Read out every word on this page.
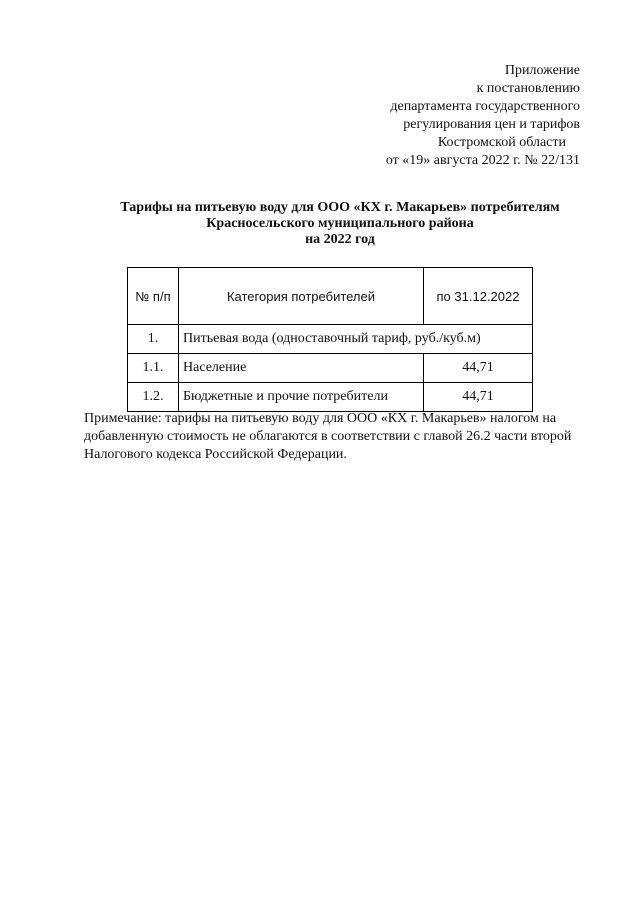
Приложение
к постановлению
департамента государственного
регулирования цен и тарифов
Костромской области
от «19» августа 2022 г. № 22/131
Тарифы на питьевую воду для ООО «КХ г. Макарьев» потребителям
Красносельского муниципального района
на 2022 год
№ п/п	Категория потребителей	по 31.12.2022
1.	Питьевая вода (одноставочный тариф, руб./куб.м)	
1.1.	Население	44,71
1.2.	Бюджетные и прочие потребители	44,71
Примечание: тарифы на питьевую воду для ООО «КХ г. Макарьев» налогом на добавленную стоимость не облагаются в соответствии с главой 26.2 части второй Налогового кодекса Российской Федерации.
